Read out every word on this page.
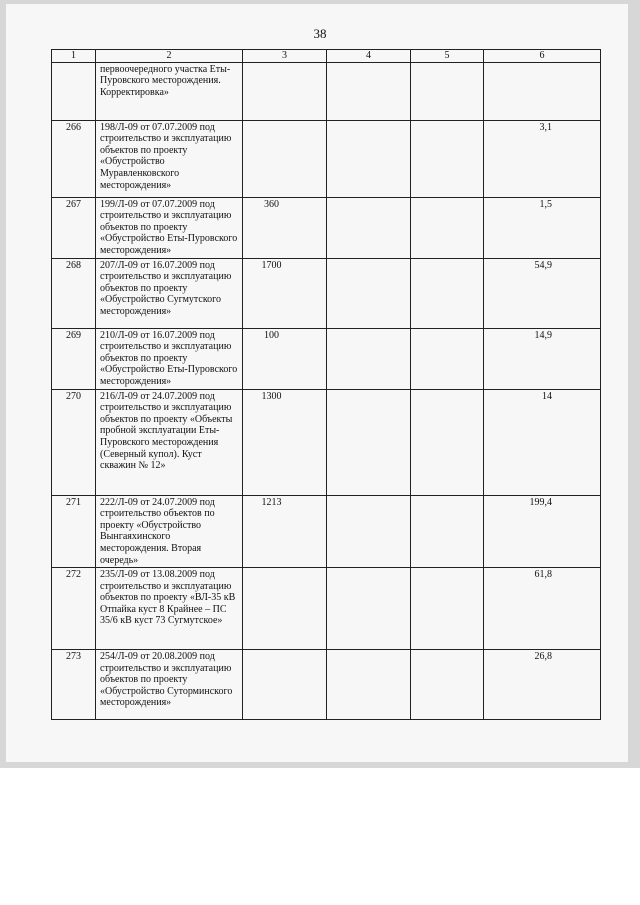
38
1	2	3	4	5	6
	первоочередного участка Еты-Пуровского месторождения. Корректировка»				
266	198/Л-09 от 07.07.2009 под строительство и эксплуатацию объектов по проекту «Обустройство Муравленковского месторождения»				3,1
267	199/Л-09 от 07.07.2009 под строительство и эксплуатацию объектов по проекту «Обустройство Еты-Пуровского месторождения»	360			1,5
268	207/Л-09 от 16.07.2009 под строительство и эксплуатацию объектов по проекту «Обустройство Сугмутского месторождения»	1700			54,9
269	210/Л-09 от 16.07.2009 под строительство и эксплуатацию объектов по проекту «Обустройство Еты-Пуровского месторождения»	100			14,9
270	216/Л-09 от 24.07.2009 под строительство и эксплуатацию объектов по проекту «Объекты пробной эксплуатации Еты-Пуровского месторождения (Северный купол). Куст скважин № 12»	1300			14
271	222/Л-09 от 24.07.2009 под строительство объектов по проекту «Обустройство Вынгаяхинского месторождения. Вторая очередь»	1213			199,4
272	235/Л-09 от 13.08.2009 под строительство и эксплуатацию объектов по проекту «ВЛ-35 кВ Отпайка куст 8 Крайнее – ПС 35/6 кВ куст 73 Сугмутское»				61,8
273	254/Л-09 от 20.08.2009 под строительство и эксплуатацию объектов по проекту «Обустройство Суторминского месторождения»				26,8
